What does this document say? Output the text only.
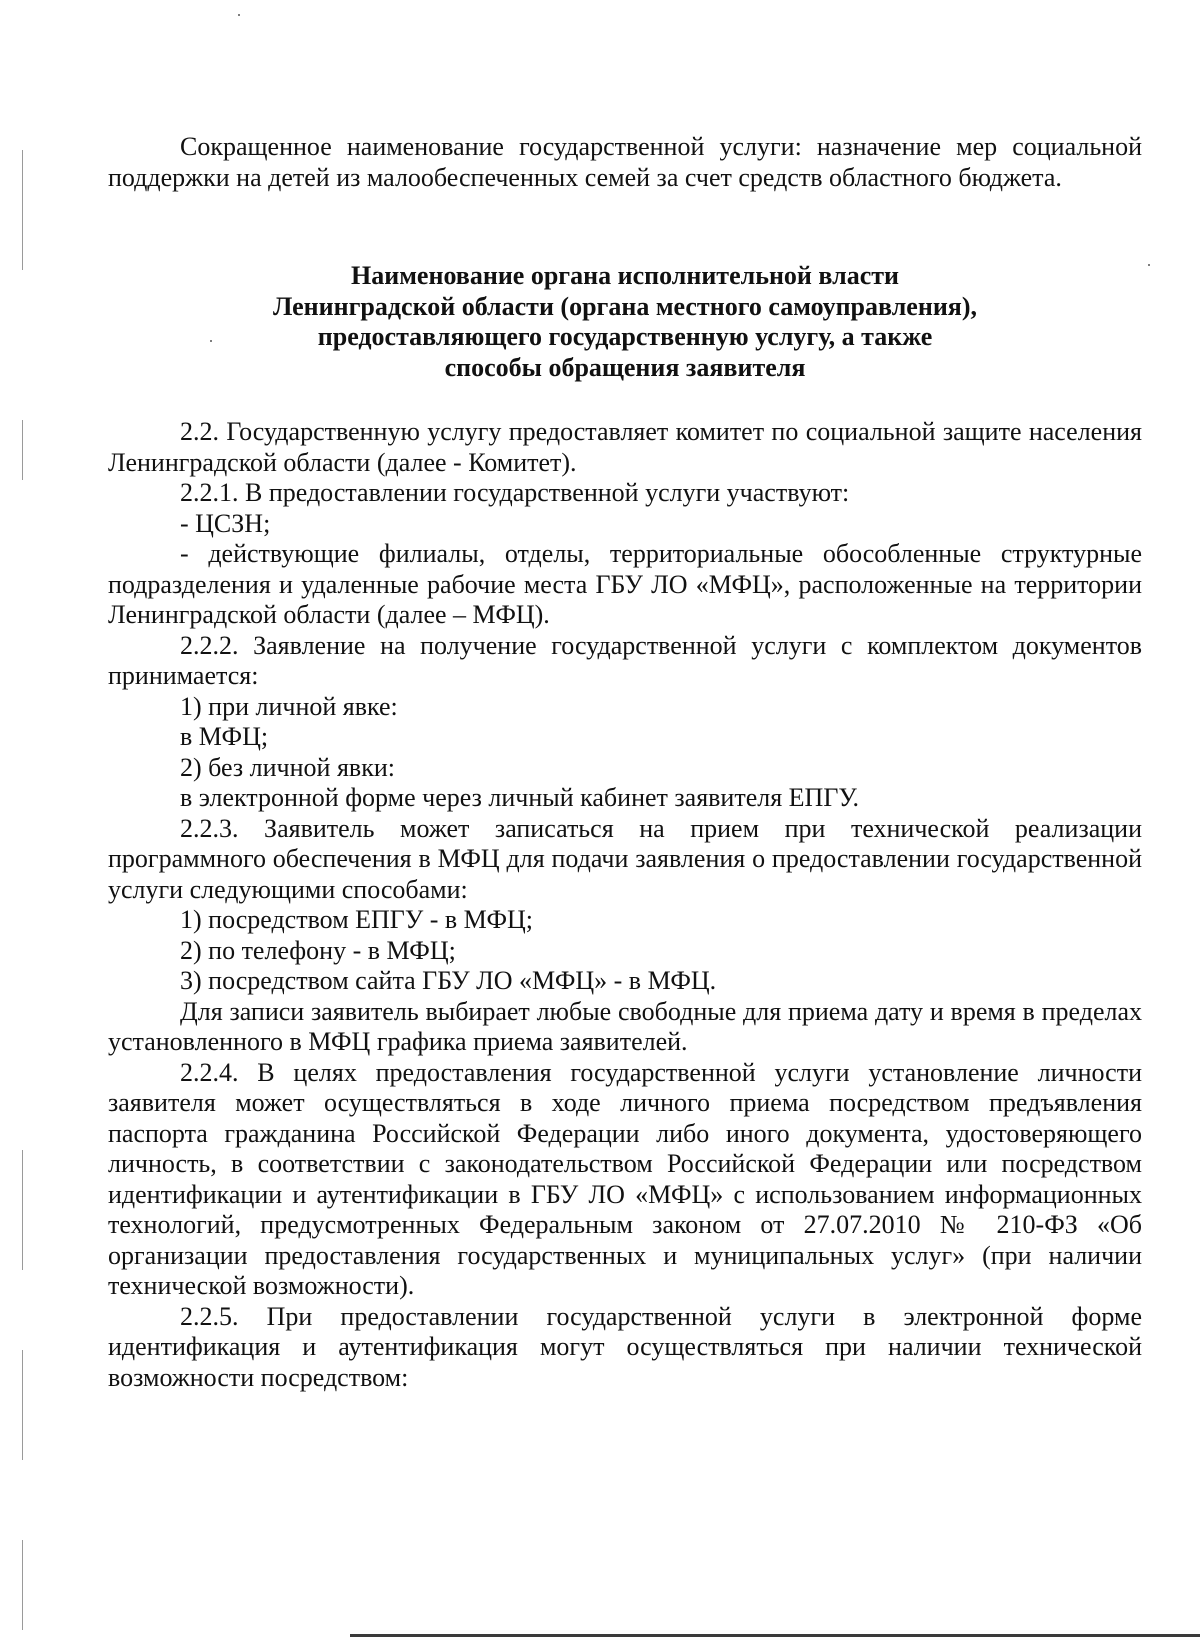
Сокращенное наименование государственной услуги: назначение мер социальной поддержки на детей из малообеспеченных семей за счет средств областного бюджета.

Наименование органа исполнительной власти

Ленинградской области (органа местного самоуправления),

предоставляющего государственную услугу, а также

способы обращения заявителя

2.2. Государственную услугу предоставляет комитет по социальной защите населения Ленинградской области (далее - Комитет).

2.2.1. В предоставлении государственной услуги участвуют:

- ЦСЗН;

- действующие филиалы, отделы, территориальные обособленные структурные подразделения и удаленные рабочие места ГБУ ЛО «МФЦ», расположенные на территории Ленинградской области (далее – МФЦ).

2.2.2. Заявление на получение государственной услуги с комплектом документов принимается:

1) при личной явке:

в МФЦ;

2) без личной явки:

в электронной форме через личный кабинет заявителя ЕПГУ.

2.2.3. Заявитель может записаться на прием при технической реализации программного обеспечения в МФЦ для подачи заявления о предоставлении государственной услуги следующими способами:

1) посредством ЕПГУ - в МФЦ;

2) по телефону - в МФЦ;

3) посредством сайта ГБУ ЛО «МФЦ» - в МФЦ.

Для записи заявитель выбирает любые свободные для приема дату и время в пределах установленного в МФЦ графика приема заявителей.

2.2.4. В целях предоставления государственной услуги установление личности заявителя может осуществляться в ходе личного приема посредством предъявления паспорта гражданина Российской Федерации либо иного документа, удостоверяющего личность, в соответствии с законодательством Российской Федерации или посредством идентификации и аутентификации в ГБУ ЛО «МФЦ» с использованием информационных технологий, предусмотренных Федеральным законом от 27.07.2010 № 210-ФЗ «Об организации предоставления государственных и муниципальных услуг» (при наличии технической возможности).

2.2.5. При предоставлении государственной услуги в электронной форме идентификация и аутентификация могут осуществляться при наличии технической возможности посредством:
